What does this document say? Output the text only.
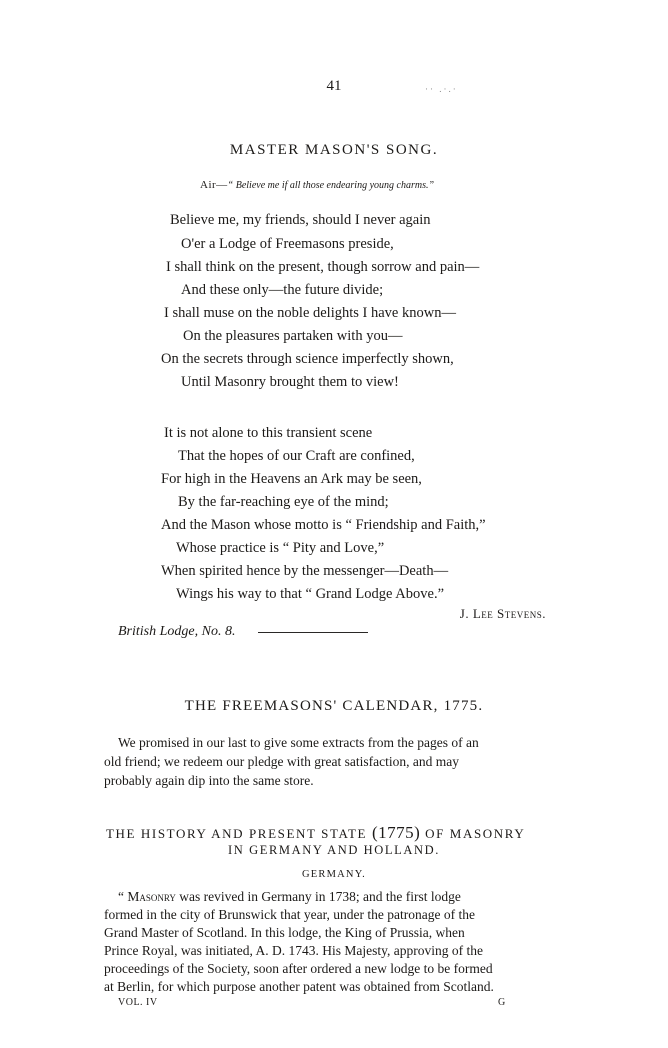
41	·· .·.·
MASTER MASON'S SONG.
Air—“ Believe me if all those endearing young charms.”
Believe me, my friends, should I never again
O'er a Lodge of Freemasons preside,
I shall think on the present, though sorrow and pain—
And these only—the future divide;
I shall muse on the noble delights I have known—
On the pleasures partaken with you—
On the secrets through science imperfectly shown,
Until Masonry brought them to view!
It is not alone to this transient scene
That the hopes of our Craft are confined,
For high in the Heavens an Ark may be seen,
By the far-reaching eye of the mind;
And the Mason whose motto is “ Friendship and Faith,”
Whose practice is “ Pity and Love,”
When spirited hence by the messenger—Death—
Wings his way to that “ Grand Lodge Above.”
J. Lee Stevens.
British Lodge, No. 8.
THE FREEMASONS' CALENDAR, 1775.
We promised in our last to give some extracts from the pages of an
old friend; we redeem our pledge with great satisfaction, and may
probably again dip into the same store.
THE HISTORY AND PRESENT STATE (1775) OF MASONRY
IN GERMANY AND HOLLAND.
GERMANY.
“ Masonry was revived in Germany in 1738; and the first lodge
formed in the city of Brunswick that year, under the patronage of the
Grand Master of Scotland. In this lodge, the King of Prussia, when
Prince Royal, was initiated, A. D. 1743. His Majesty, approving of the
proceedings of the Society, soon after ordered a new lodge to be formed
at Berlin, for which purpose another patent was obtained from Scotland.
VOL. IV	G
